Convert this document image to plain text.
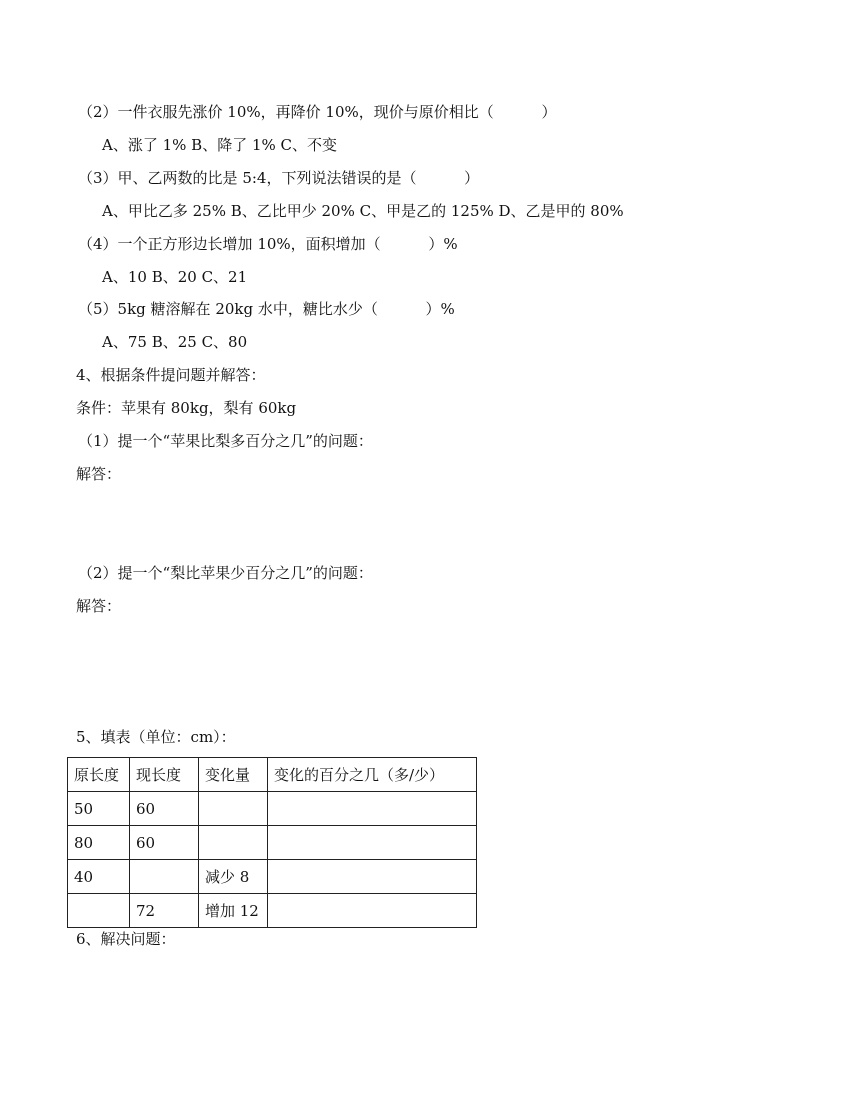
（2）一件衣服先涨价 10%，再降价 10%，现价与原价相比（          ）
A、涨了 1% B、降了 1% C、不变
（3）甲、乙两数的比是 5:4，下列说法错误的是（          ）
A、甲比乙多 25% B、乙比甲少 20% C、甲是乙的 125% D、乙是甲的 80%
（4）一个正方形边长增加 10%，面积增加（          ）%
A、10 B、20 C、21
（5）5kg 糖溶解在 20kg 水中，糖比水少（          ）%
A、75 B、25 C、80
4、根据条件提问题并解答：
条件：苹果有 80kg，梨有 60kg
（1）提一个“苹果比梨多百分之几”的问题：
解答：
（2）提一个“梨比苹果少百分之几”的问题：
解答：
5、填表（单位：cm）：
原长度	现长度	变化量	变化的百分之几（多/少）
50	60		
80	60		
40		减少 8	
	72	增加 12	
6、解决问题：
